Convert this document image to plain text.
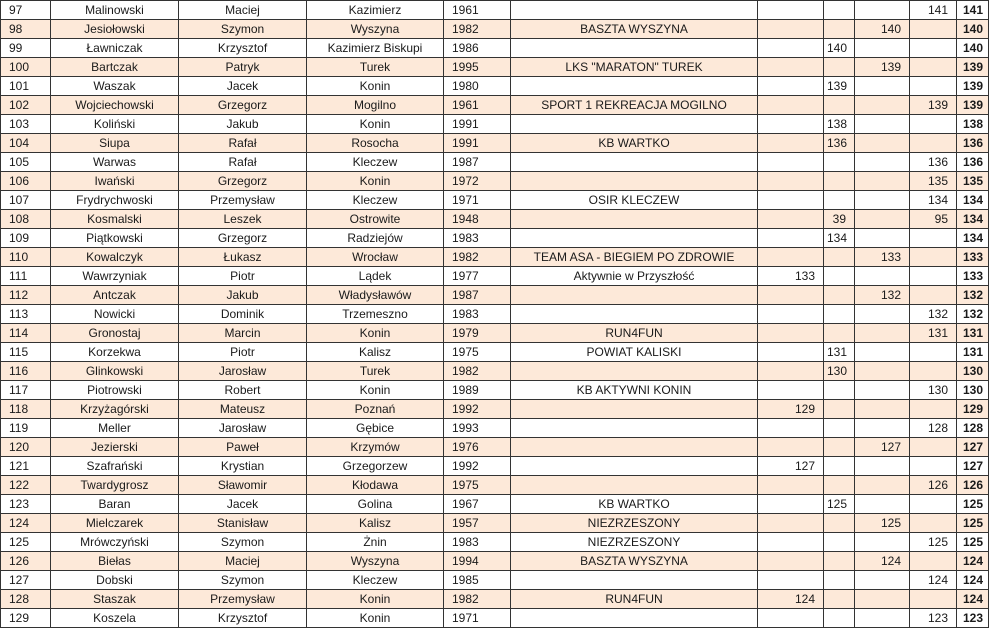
97	Malinowski	Maciej	Kazimierz	1961					141	141
98	Jesiołowski	Szymon	Wyszyna	1982	BASZTA WYSZYNA			140		140
99	Ławniczak	Krzysztof	Kazimierz Biskupi	1986			140			140
100	Bartczak	Patryk	Turek	1995	LKS "MARATON" TUREK			139		139
101	Waszak	Jacek	Konin	1980			139			139
102	Wojciechowski	Grzegorz	Mogilno	1961	SPORT 1 REKREACJA MOGILNO				139	139
103	Koliński	Jakub	Konin	1991			138			138
104	Siupa	Rafał	Rosocha	1991	KB WARTKO		136			136
105	Warwas	Rafał	Kleczew	1987					136	136
106	Iwański	Grzegorz	Konin	1972					135	135
107	Frydrychwoski	Przemysław	Kleczew	1971	OSIR KLECZEW				134	134
108	Kosmalski	Leszek	Ostrowite	1948			39		95	134
109	Piątkowski	Grzegorz	Radziejów	1983			134			134
110	Kowalczyk	Łukasz	Wrocław	1982	TEAM ASA - BIEGIEM PO ZDROWIE			133		133
111	Wawrzyniak	Piotr	Lądek	1977	Aktywnie w Przyszłość	133				133
112	Antczak	Jakub	Władysławów	1987				132		132
113	Nowicki	Dominik	Trzemeszno	1983					132	132
114	Gronostaj	Marcin	Konin	1979	RUN4FUN				131	131
115	Korzekwa	Piotr	Kalisz	1975	POWIAT KALISKI		131			131
116	Glinkowski	Jarosław	Turek	1982			130			130
117	Piotrowski	Robert	Konin	1989	KB AKTYWNI KONIN				130	130
118	Krzyżagórski	Mateusz	Poznań	1992		129				129
119	Meller	Jarosław	Gębice	1993					128	128
120	Jezierski	Paweł	Krzymów	1976				127		127
121	Szafrański	Krystian	Grzegorzew	1992		127				127
122	Twardygrosz	Sławomir	Kłodawa	1975					126	126
123	Baran	Jacek	Golina	1967	KB WARTKO		125			125
124	Mielczarek	Stanisław	Kalisz	1957	NIEZRZESZONY			125		125
125	Mrówczyński	Szymon	Żnin	1983	NIEZRZESZONY				125	125
126	Biełas	Maciej	Wyszyna	1994	BASZTA WYSZYNA			124		124
127	Dobski	Szymon	Kleczew	1985					124	124
128	Staszak	Przemysław	Konin	1982	RUN4FUN	124				124
129	Koszela	Krzysztof	Konin	1971					123	123
